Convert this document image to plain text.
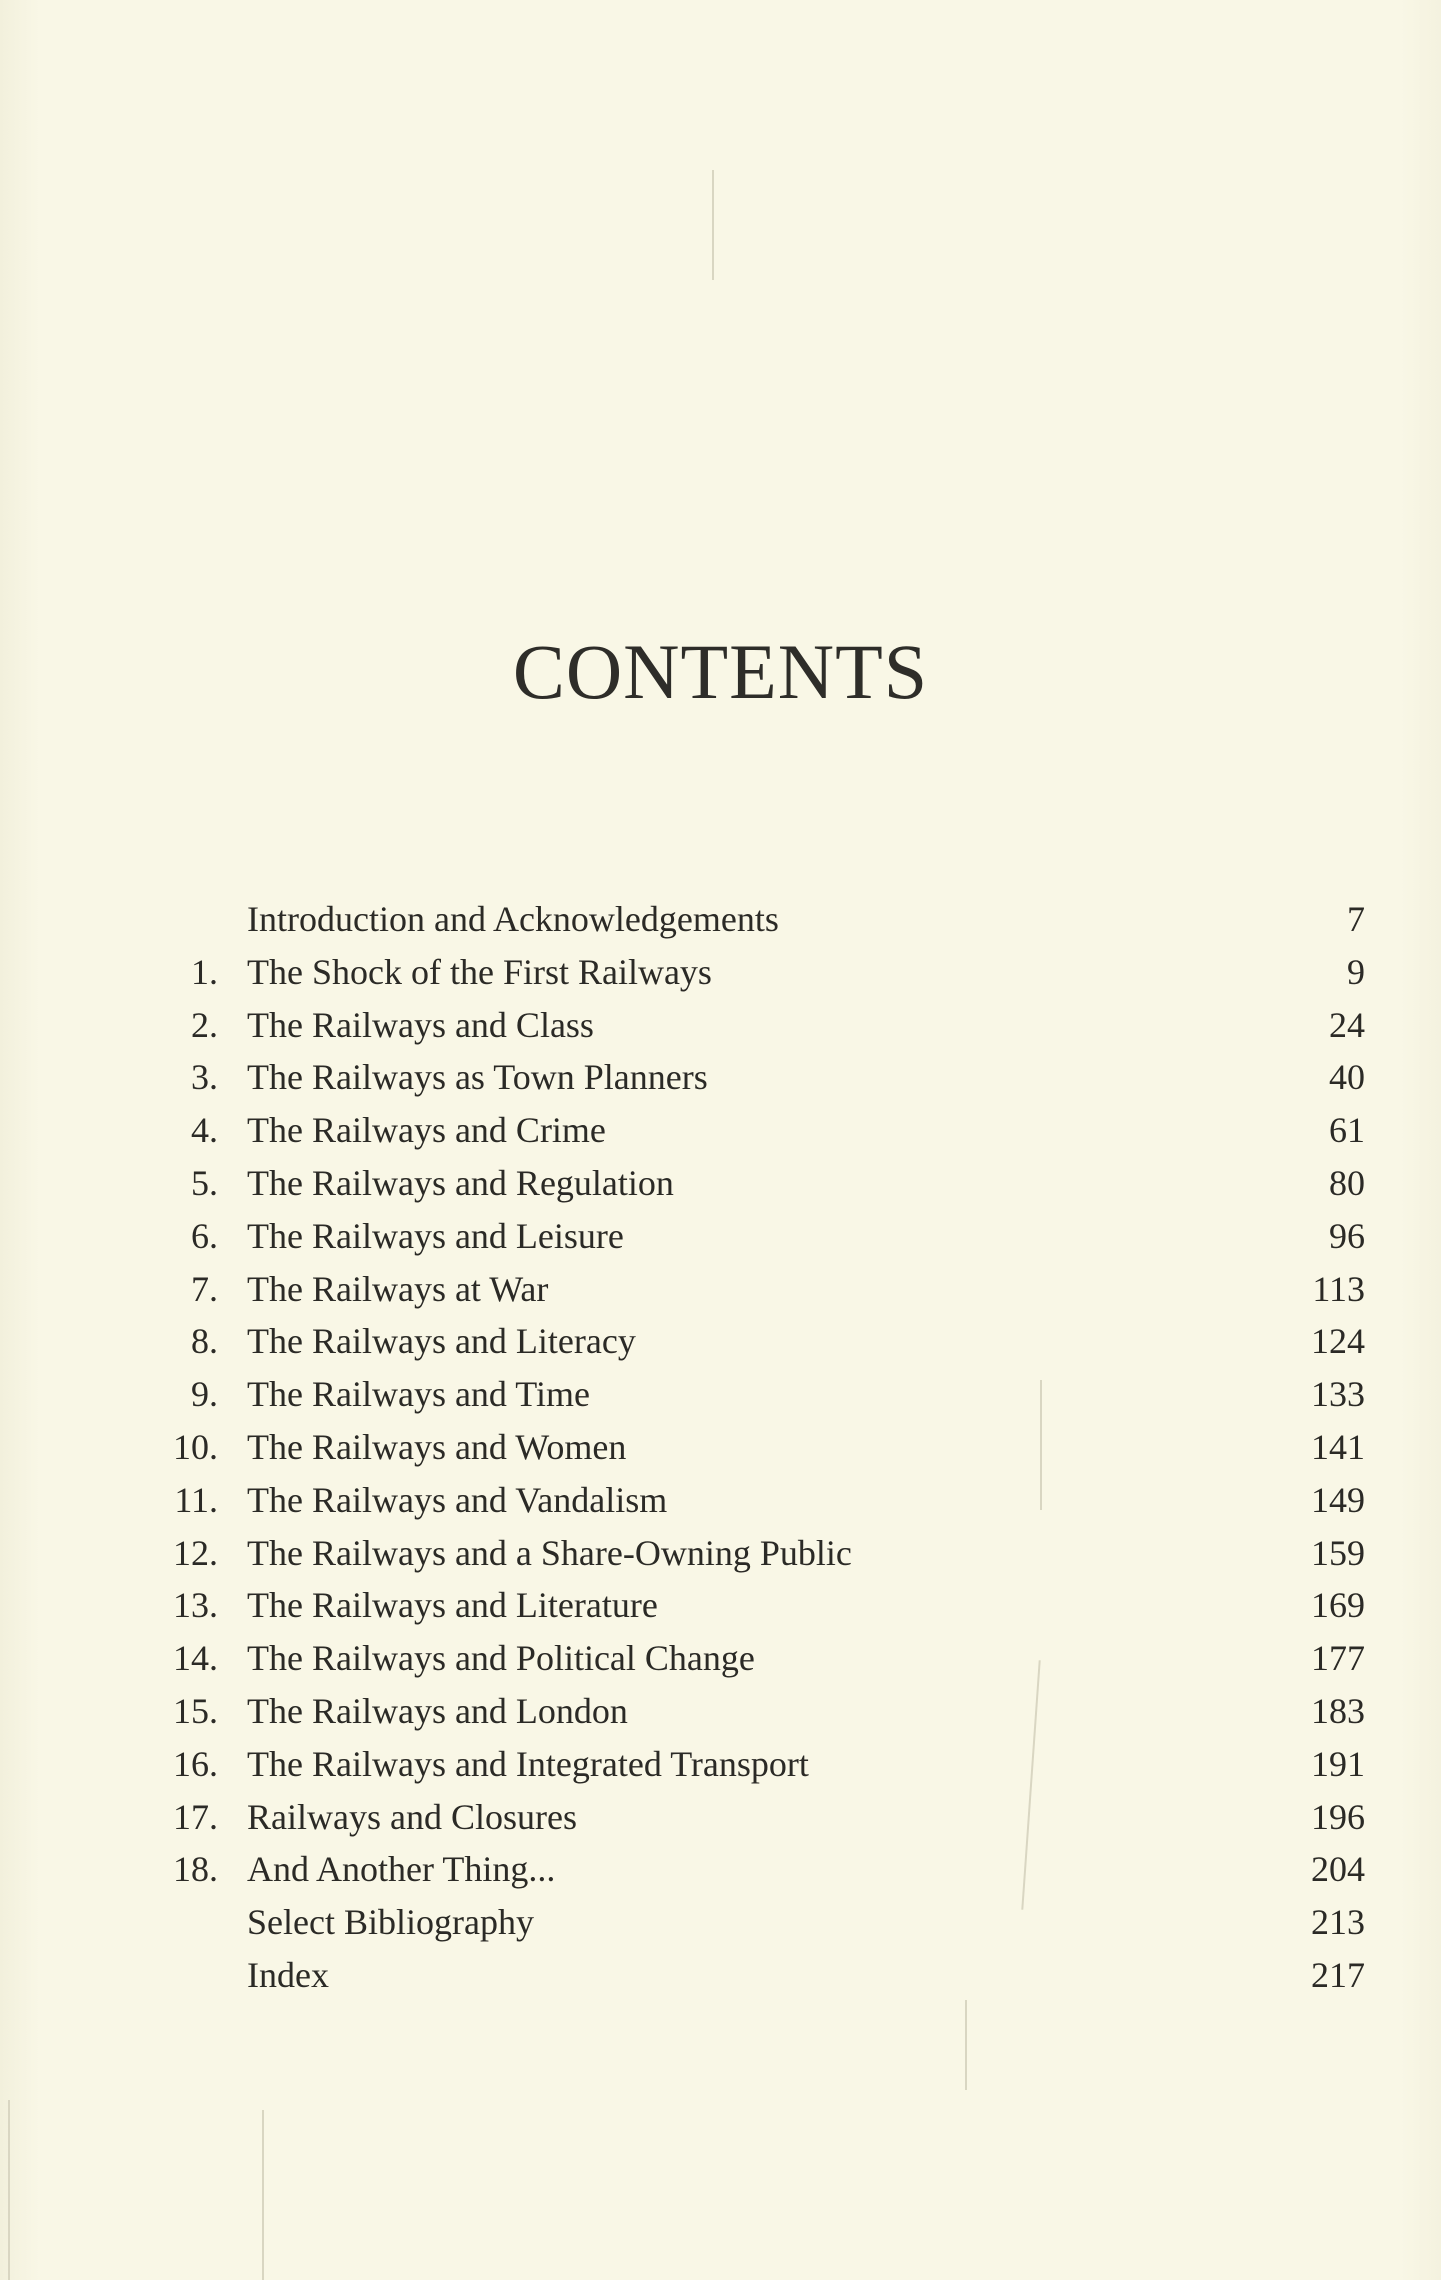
CONTENTS
Introduction and Acknowledgements	7
1. The Shock of the First Railways	9
2. The Railways and Class	24
3. The Railways as Town Planners	40
4. The Railways and Crime	61
5. The Railways and Regulation	80
6. The Railways and Leisure	96
7. The Railways at War	113
8. The Railways and Literacy	124
9. The Railways and Time	133
10. The Railways and Women	141
11. The Railways and Vandalism	149
12. The Railways and a Share-Owning Public	159
13. The Railways and Literature	169
14. The Railways and Political Change	177
15. The Railways and London	183
16. The Railways and Integrated Transport	191
17. Railways and Closures	196
18. And Another Thing...	204
Select Bibliography	213
Index	217
